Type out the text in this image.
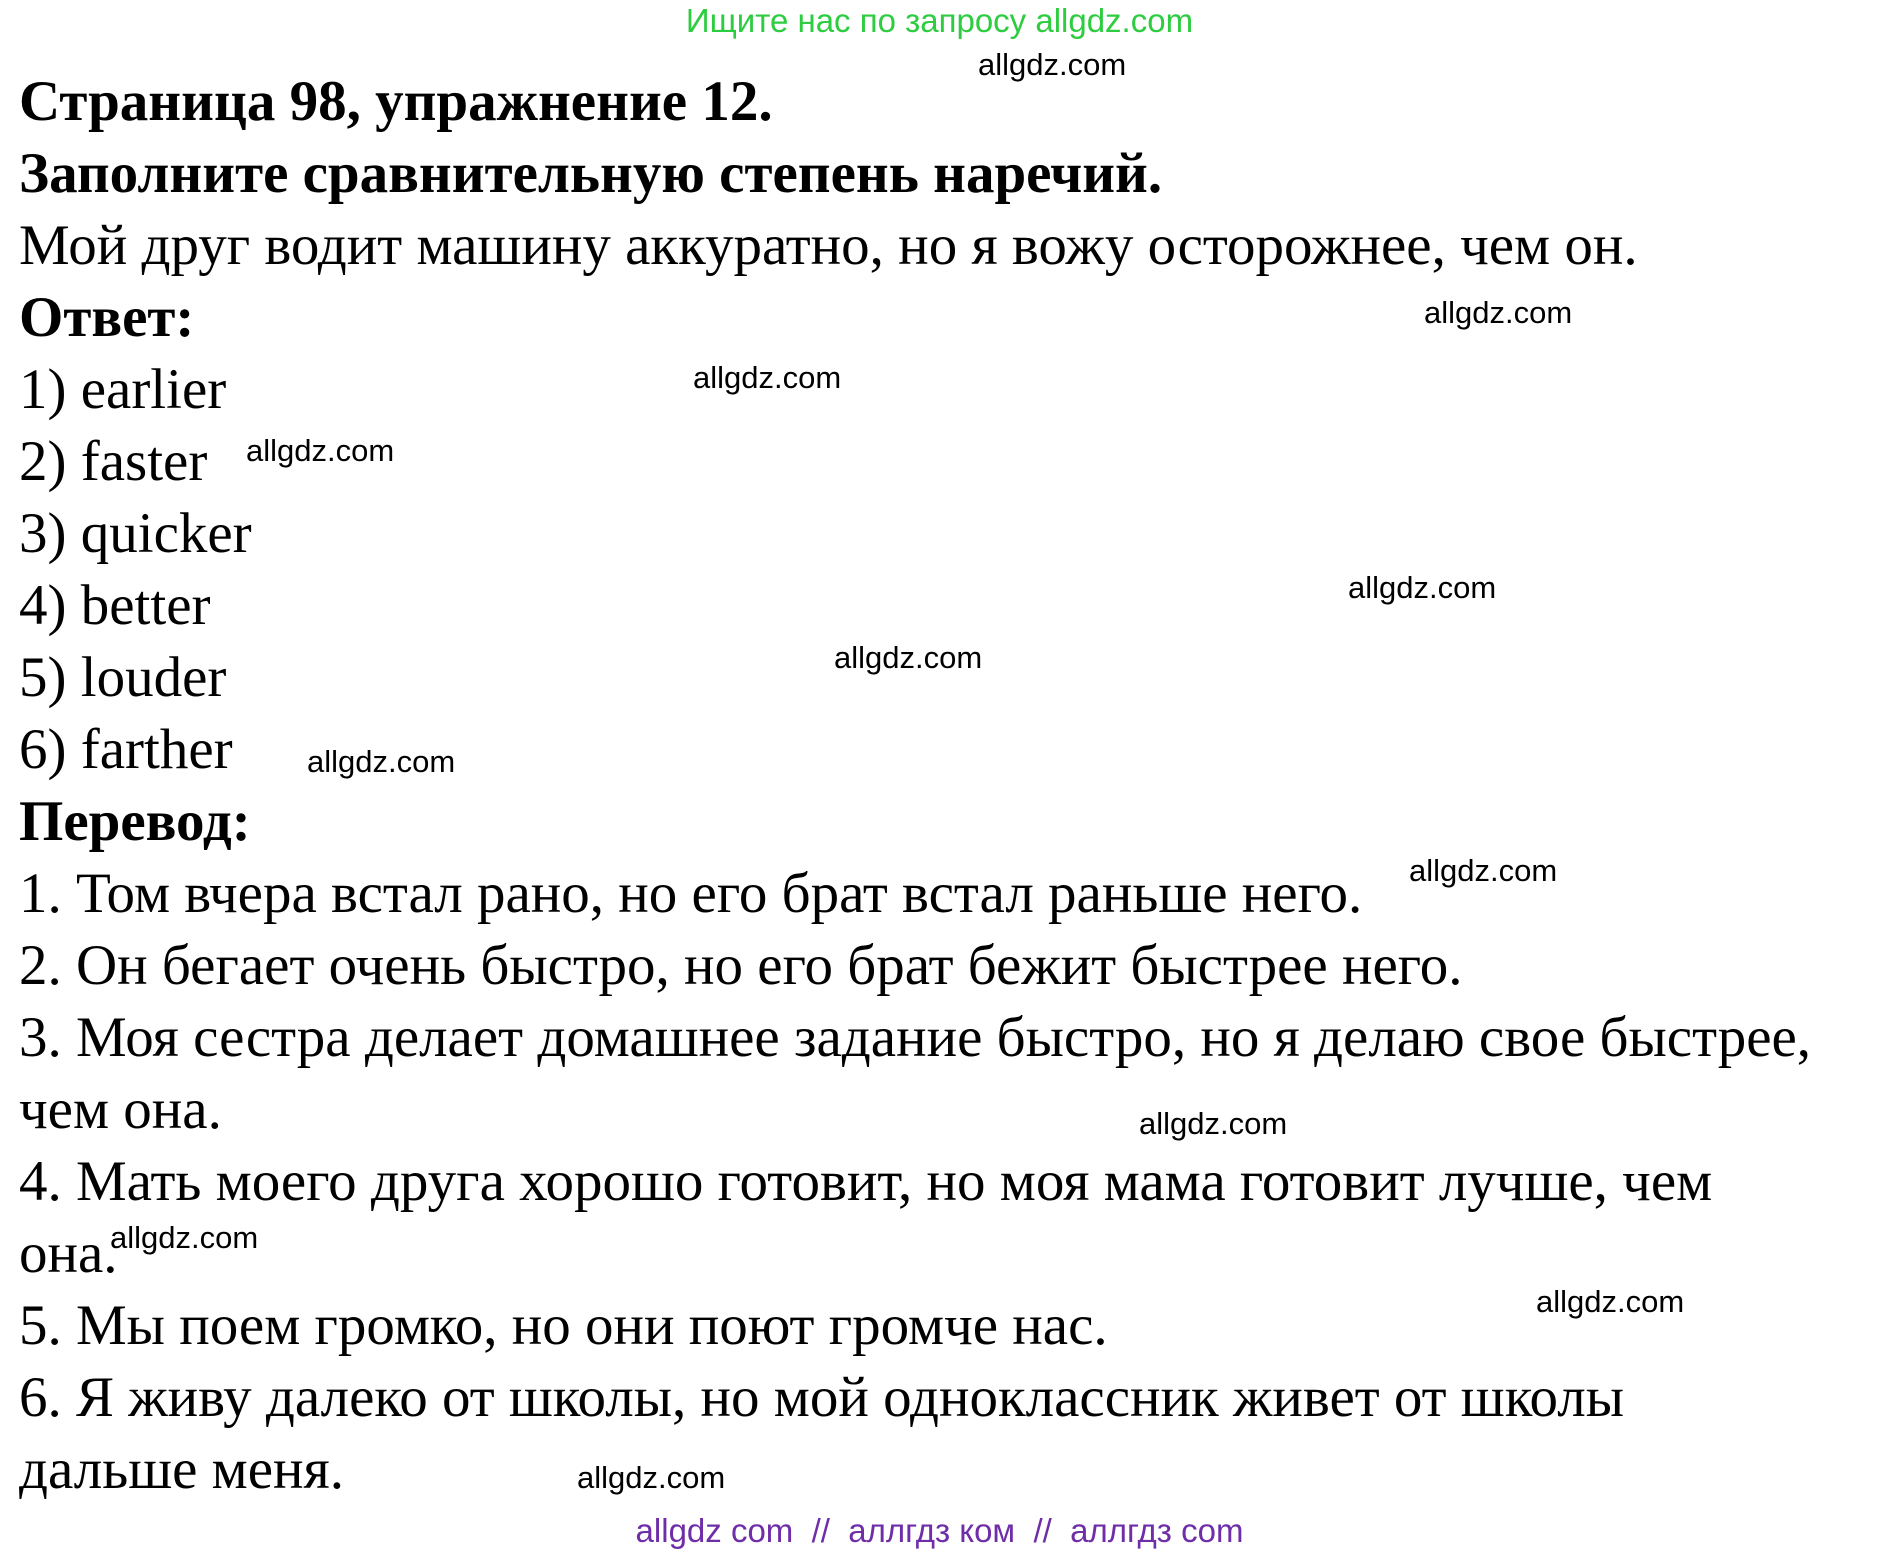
Ищите нас по запросу allgdz.com
Страница 98, упражнение 12.
Заполните сравнительную степень наречий.
Мой друг водит машину аккуратно, но я вожу осторожнее, чем он.
Ответ:
1) earlier
2) faster
3) quicker
4) better
5) louder
6) farther
Перевод:
1. Том вчера встал рано, но его брат встал раньше него.
2. Он бегает очень быстро, но его брат бежит быстрее него.
3. Моя сестра делает домашнее задание быстро, но я делаю свое быстрее,
чем она.
4. Мать моего друга хорошо готовит, но моя мама готовит лучше, чем
она.
5. Мы поем громко, но они поют громче нас.
6. Я живу далеко от школы, но мой одноклассник живет от школы
дальше меня.
allgdz.com
allgdz.com
allgdz.com
allgdz.com
allgdz.com
allgdz.com
allgdz.com
allgdz.com
allgdz.com
allgdz.com
allgdz.com
allgdz.com
allgdz com  //  аллгдз ком  //  аллгдз com
